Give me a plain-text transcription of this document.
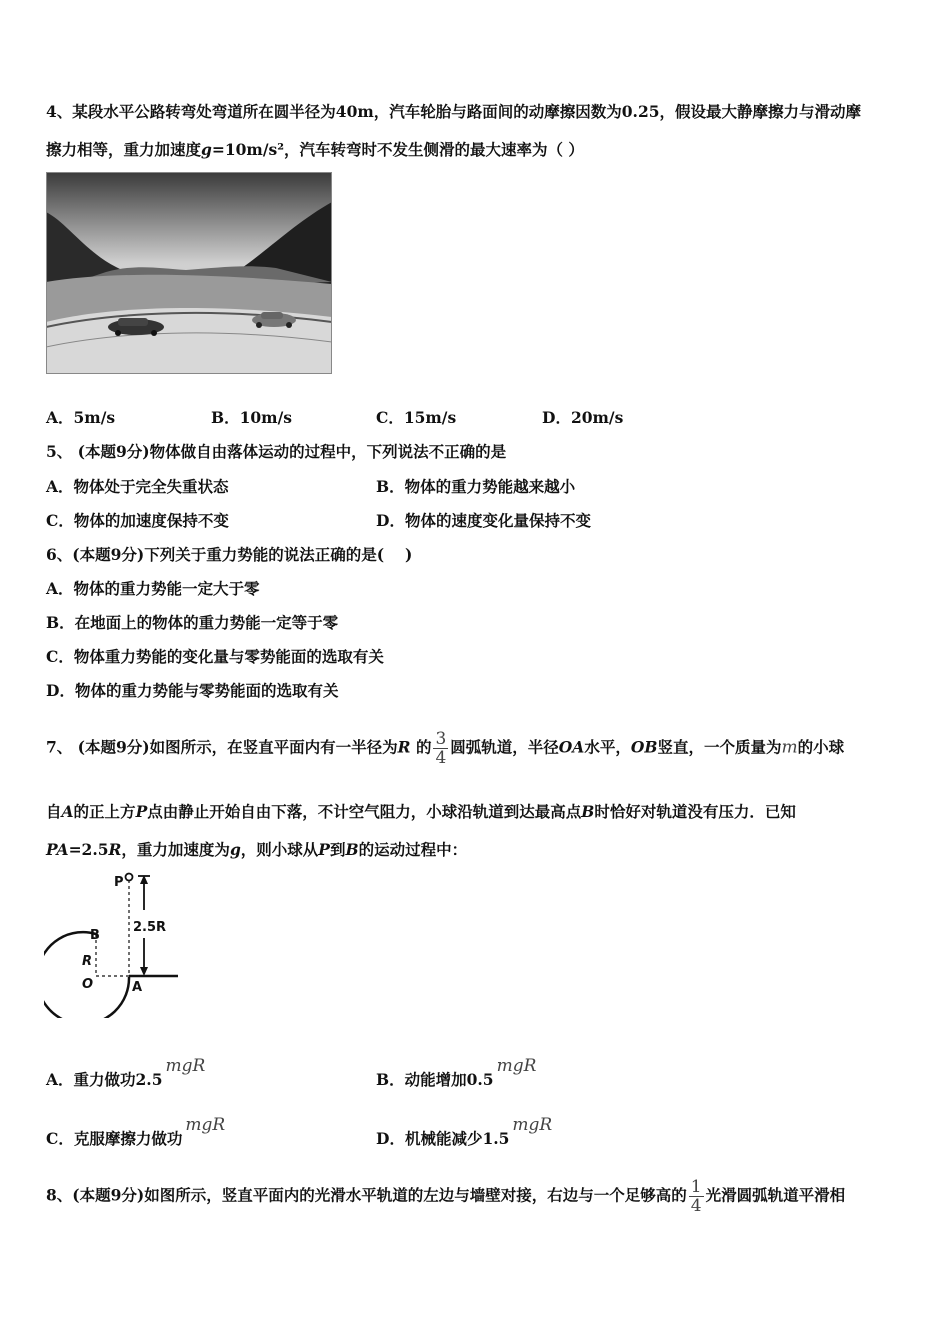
4、某段水平公路转弯处弯道所在圆半径为40m，汽车轮胎与路面间的动摩擦因数为0.25，假设最大静摩擦力与滑动摩
擦力相等，重力加速度g=10m/s²，汽车转弯时不发生侧滑的最大速率为（ ）
A．5m/s	B．10m/s	C．15m/s	D．20m/s
5、 (本题9分)物体做自由落体运动的过程中，下列说法不正确的是
A．物体处于完全失重状态	B．物体的重力势能越来越小
C．物体的加速度保持不变	D．物体的速度变化量保持不变
6、(本题9分)下列关于重力势能的说法正确的是(　 )
A．物体的重力势能一定大于零
B．在地面上的物体的重力势能一定等于零
C．物体重力势能的变化量与零势能面的选取有关
D．物体的重力势能与零势能面的选取有关
7、 (本题9分)如图所示，在竖直平面内有一半径为R 的 $\frac{3}{4}$ 圆弧轨道，半径OA水平，OB竖直，一个质量为m的小球
自A的正上方P点由静止开始自由下落，不计空气阻力，小球沿轨道到达最高点B时恰好对轨道没有压力．已知
PA=2.5R，重力加速度为g，则小球从P到B的运动过程中：
P
B
R
O	A
2.5R
A．重力做功2.5mgR
B．动能增加0.5mgR
C．克服摩擦力做功mgR
D．机械能减少1.5mgR
8、(本题9分)如图所示，竖直平面内的光滑水平轨道的左边与墙壁对接，右边与一个足够高的 $\frac{1}{4}$ 光滑圆弧轨道平滑相
